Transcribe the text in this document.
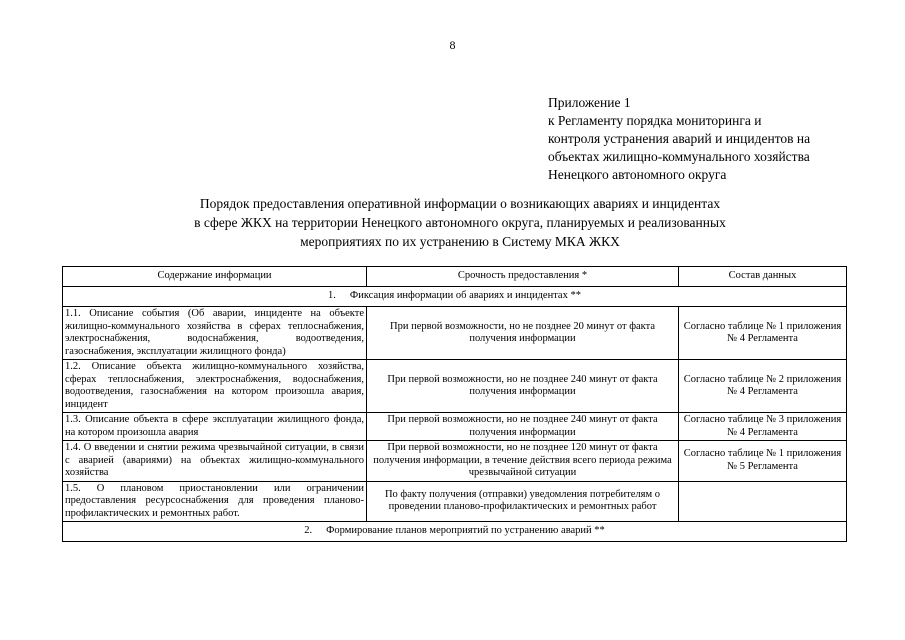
8
Приложение 1
к Регламенту порядка мониторинга и
контроля устранения аварий и инцидентов на
объектах жилищно-коммунального хозяйства
Ненецкого автономного округа
Порядок предоставления оперативной информации о возникающих авариях и инцидентах
в сфере ЖКХ на территории Ненецкого автономного округа, планируемых и реализованных
мероприятиях по их устранению в Систему МКА ЖКХ
Содержание информации	Срочность предоставления *	Состав данных
1. Фиксация информации об авариях и инцидентах **		
1.1. Описание события (Об аварии, инциденте на объекте жилищно-коммунального хозяйства в сферах теплоснабжения, электроснабжения, водоснабжения, водоотведения, газоснабжения, эксплуатации жилищного фонда)	При первой возможности, но не позднее 20 минут от факта получения информации	Согласно таблице № 1 приложения № 4 Регламента
1.2. Описание объекта жилищно-коммунального хозяйства, сферах теплоснабжения, электроснабжения, водоснабжения, водоотведения, газоснабжения на котором произошла авария, инцидент	При первой возможности, но не позднее 240 минут от факта получения информации	Согласно таблице № 2 приложения № 4 Регламента
1.3. Описание объекта в сфере эксплуатации жилищного фонда, на котором произошла авария	При первой возможности, но не позднее 240 минут от факта получения информации	Согласно таблице № 3 приложения № 4 Регламента
1.4. О введении и снятии режима чрезвычайной ситуации, в связи с аварией (авариями) на объектах жилищно-коммунального хозяйства	При первой возможности, но не позднее 120 минут от факта получения информации, в течение действия всего периода режима чрезвычайной ситуации	Согласно таблице № 1 приложения № 5 Регламента
1.5. О плановом приостановлении или ограничении предоставления ресурсоснабжения для проведения планово-профилактических и ремонтных работ.	По факту получения (отправки) уведомления потребителям о проведении планово-профилактических и ремонтных работ	
2. Формирование планов мероприятий по устранению аварий **		
